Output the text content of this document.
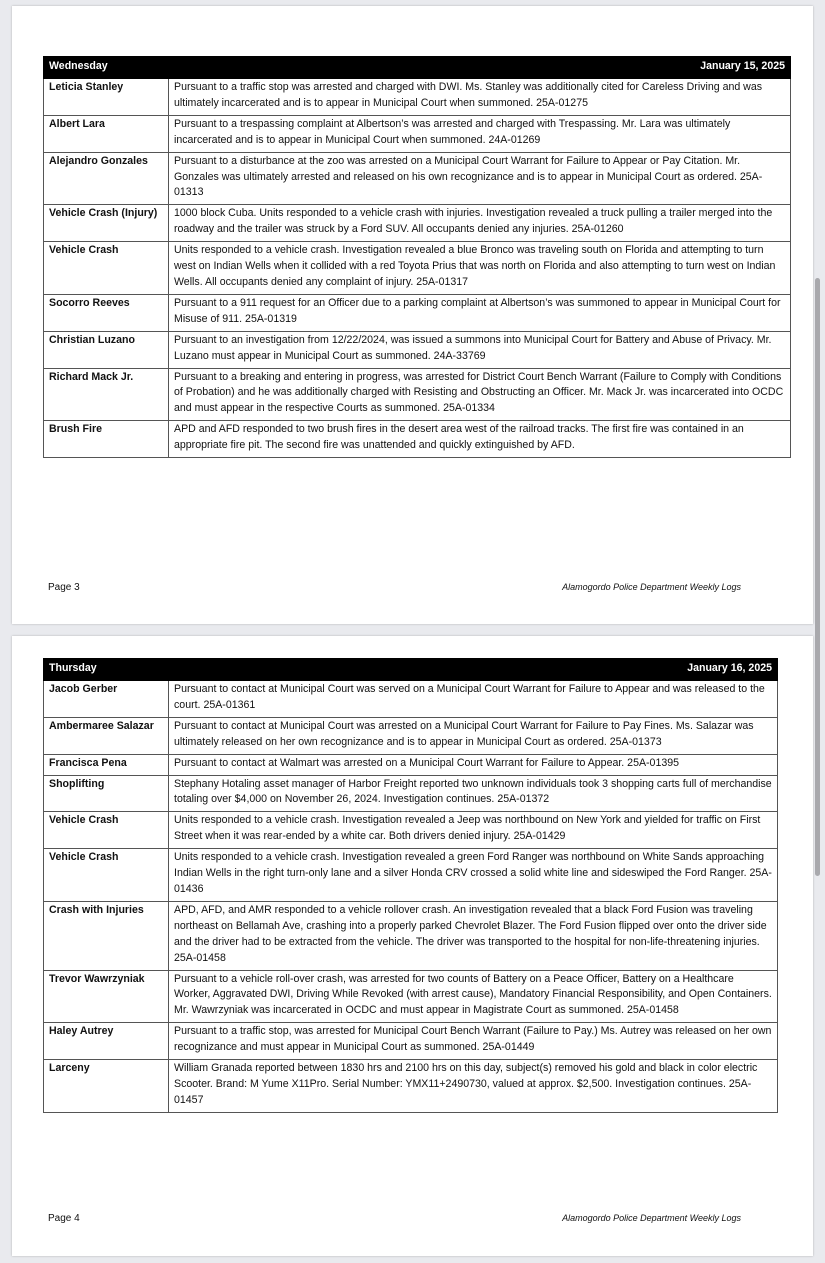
Wednesday	January 15, 2025
Leticia Stanley	Pursuant to a traffic stop was arrested and charged with DWI. Ms. Stanley was additionally cited for Careless Driving and was ultimately incarcerated and is to appear in Municipal Court when summoned. 25A-01275
Albert Lara	Pursuant to a trespassing complaint at Albertson’s was arrested and charged with Trespassing. Mr. Lara was ultimately incarcerated and is to appear in Municipal Court when summoned. 24A-01269
Alejandro Gonzales	Pursuant to a disturbance at the zoo was arrested on a Municipal Court Warrant for Failure to Appear or Pay Citation. Mr. Gonzales was ultimately arrested and released on his own recognizance and is to appear in Municipal Court as ordered. 25A-01313
Vehicle Crash (Injury)	1000 block Cuba. Units responded to a vehicle crash with injuries. Investigation revealed a truck pulling a trailer merged into the roadway and the trailer was struck by a Ford SUV. All occupants denied any injuries. 25A-01260
Vehicle Crash	Units responded to a vehicle crash. Investigation revealed a blue Bronco was traveling south on Florida and attempting to turn west on Indian Wells when it collided with a red Toyota Prius that was north on Florida and also attempting to turn west on Indian Wells. All occupants denied any complaint of injury. 25A-01317
Socorro Reeves	Pursuant to a 911 request for an Officer due to a parking complaint at Albertson’s was summoned to appear in Municipal Court for Misuse of 911. 25A-01319
Christian Luzano	Pursuant to an investigation from 12/22/2024, was issued a summons into Municipal Court for Battery and Abuse of Privacy. Mr. Luzano must appear in Municipal Court as summoned. 24A-33769
Richard Mack Jr.	Pursuant to a breaking and entering in progress, was arrested for District Court Bench Warrant (Failure to Comply with Conditions of Probation) and he was additionally charged with Resisting and Obstructing an Officer. Mr. Mack Jr. was incarcerated into OCDC and must appear in the respective Courts as summoned. 25A-01334
Brush Fire	APD and AFD responded to two brush fires in the desert area west of the railroad tracks. The first fire was contained in an appropriate fire pit. The second fire was unattended and quickly extinguished by AFD.
Page 3	Alamogordo Police Department Weekly Logs
Thursday	January 16, 2025
Jacob Gerber	Pursuant to contact at Municipal Court was served on a Municipal Court Warrant for Failure to Appear and was released to the court. 25A-01361
Ambermaree Salazar	Pursuant to contact at Municipal Court was arrested on a Municipal Court Warrant for Failure to Pay Fines. Ms. Salazar was ultimately released on her own recognizance and is to appear in Municipal Court as ordered. 25A-01373
Francisca Pena	Pursuant to contact at Walmart was arrested on a Municipal Court Warrant for Failure to Appear. 25A-01395
Shoplifting	Stephany Hotaling asset manager of Harbor Freight reported two unknown individuals took 3 shopping carts full of merchandise totaling over $4,000 on November 26, 2024. Investigation continues. 25A-01372
Vehicle Crash	Units responded to a vehicle crash. Investigation revealed a Jeep was northbound on New York and yielded for traffic on First Street when it was rear-ended by a white car. Both drivers denied injury. 25A-01429
Vehicle Crash	Units responded to a vehicle crash. Investigation revealed a green Ford Ranger was northbound on White Sands approaching Indian Wells in the right turn-only lane and a silver Honda CRV crossed a solid white line and sideswiped the Ford Ranger. 25A-01436
Crash with Injuries	APD, AFD, and AMR responded to a vehicle rollover crash. An investigation revealed that a black Ford Fusion was traveling northeast on Bellamah Ave, crashing into a properly parked Chevrolet Blazer. The Ford Fusion flipped over onto the driver side and the driver had to be extracted from the vehicle. The driver was transported to the hospital for non-life-threatening injuries. 25A-01458
Trevor Wawrzyniak	Pursuant to a vehicle roll-over crash, was arrested for two counts of Battery on a Peace Officer, Battery on a Healthcare Worker, Aggravated DWI, Driving While Revoked (with arrest cause), Mandatory Financial Responsibility, and Open Containers. Mr. Wawrzyniak was incarcerated in OCDC and must appear in Magistrate Court as summoned. 25A-01458
Haley Autrey	Pursuant to a traffic stop, was arrested for Municipal Court Bench Warrant (Failure to Pay.) Ms. Autrey was released on her own recognizance and must appear in Municipal Court as summoned. 25A-01449
Larceny	William Granada reported between 1830 hrs and 2100 hrs on this day, subject(s) removed his gold and black in color electric Scooter. Brand: M Yume X11Pro. Serial Number: YMX11+2490730, valued at approx. $2,500. Investigation continues. 25A-01457
Page 4	Alamogordo Police Department Weekly Logs
